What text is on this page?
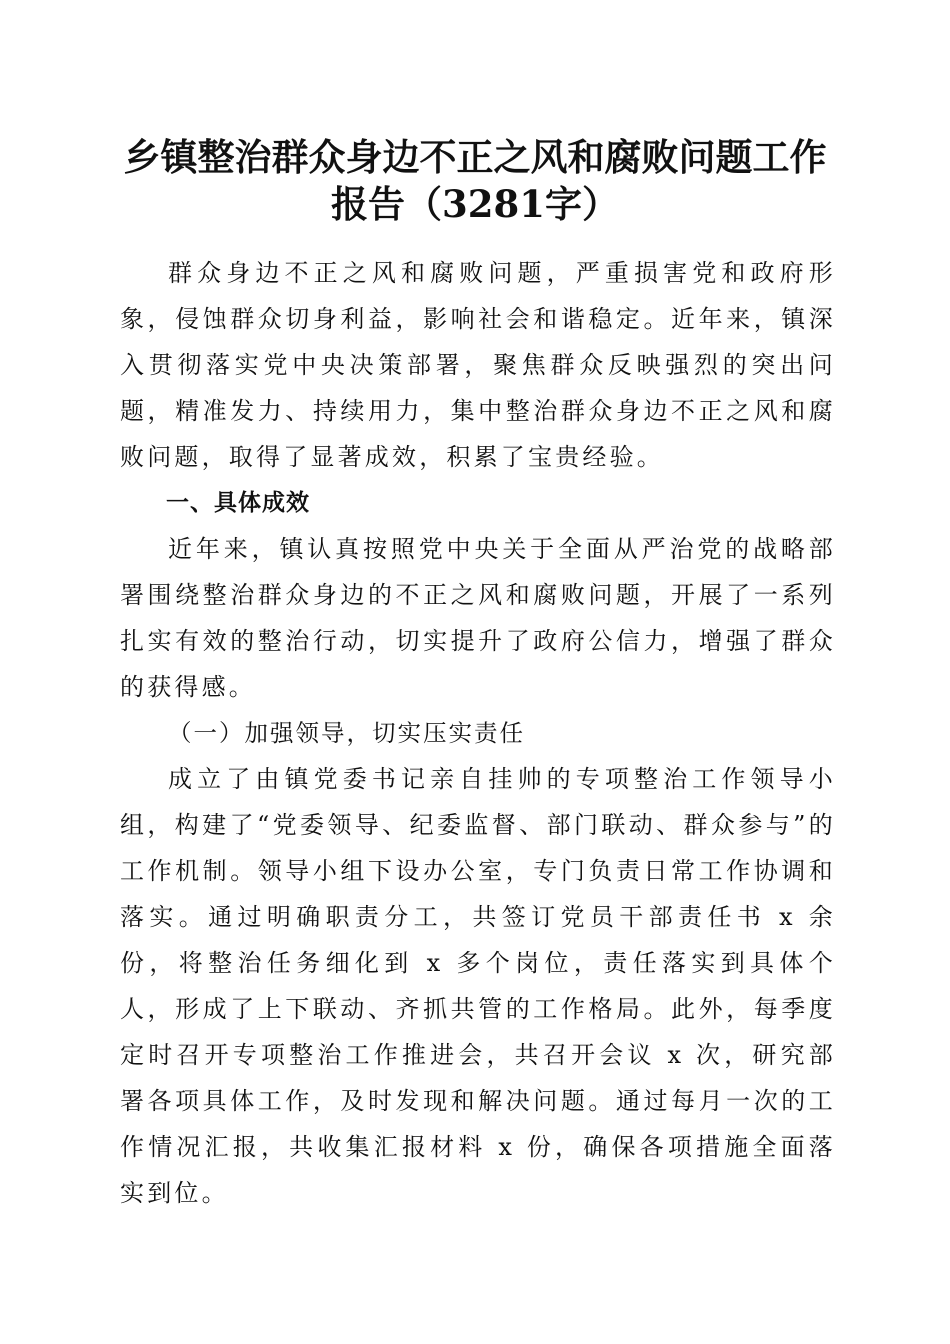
乡镇整治群众身边不正之风和腐败问题工作报告（3281字）

群众身边不正之风和腐败问题，严重损害党和政府形象，侵蚀群众切身利益，影响社会和谐稳定。近年来，镇深入贯彻落实党中央决策部署，聚焦群众反映强烈的突出问题，精准发力、持续用力，集中整治群众身边不正之风和腐败问题，取得了显著成效，积累了宝贵经验。

一、具体成效

近年来，镇认真按照党中央关于全面从严治党的战略部署围绕整治群众身边的不正之风和腐败问题，开展了一系列扎实有效的整治行动，切实提升了政府公信力，增强了群众的获得感。

（一）加强领导，切实压实责任

成立了由镇党委书记亲自挂帅的专项整治工作领导小组，构建了“党委领导、纪委监督、部门联动、群众参与”的工作机制。领导小组下设办公室，专门负责日常工作协调和落实。通过明确职责分工，共签订党员干部责任书 x 余份，将整治任务细化到 x 多个岗位，责任落实到具体个人，形成了上下联动、齐抓共管的工作格局。此外，每季度定时召开专项整治工作推进会，共召开会议 x 次，研究部署各项具体工作，及时发现和解决问题。通过每月一次的工作情况汇报，共收集汇报材料 x 份，确保各项措施全面落实到位。
